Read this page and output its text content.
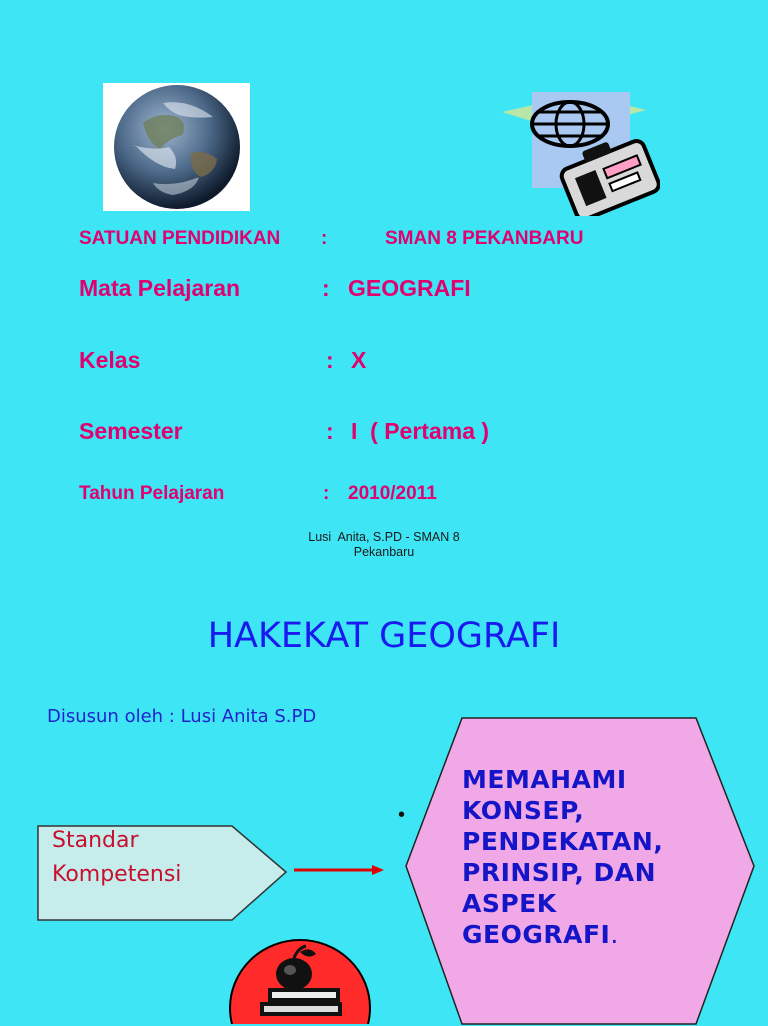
SATUAN PENDIDIKAN :	SMAN 8 PEKANBARU
Mata Pelajaran	: GEOGRAFI
Kelas	: X
Semester	: I  ( Pertama )
Tahun Pelajaran	: 2010/2011
Lusi  Anita, S.PD - SMAN 8
Pekanbaru
HAKEKAT GEOGRAFI
Disusun oleh : Lusi Anita S.PD
Standar
Kompetensi
•
MEMAHAMI
KONSEP,
PENDEKATAN,
PRINSIP, DAN
ASPEK
GEOGRAFI.
